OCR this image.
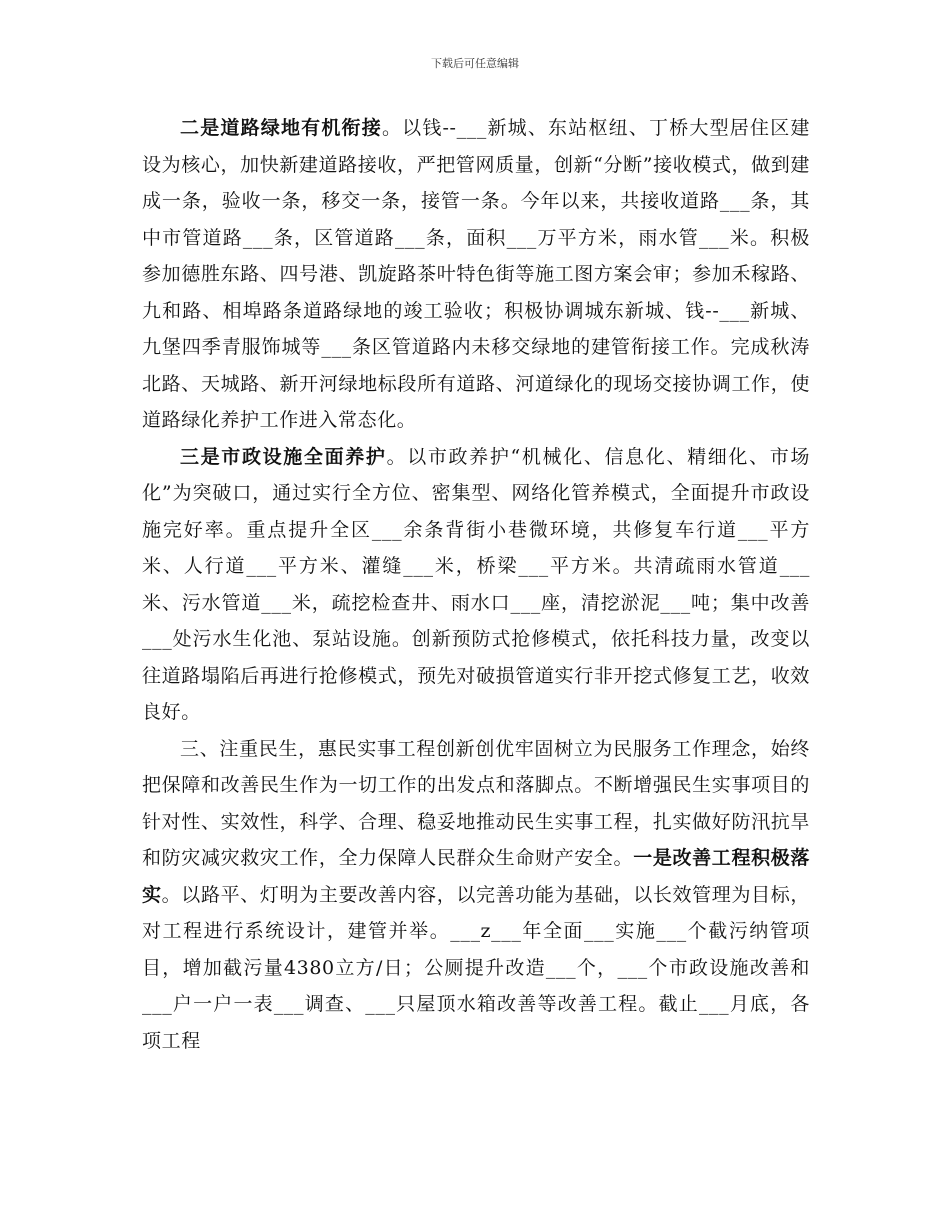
下载后可任意编辑

二是道路绿地有机衔接。以钱--___新城、东站枢纽、丁桥大型居住区建设为核心，加快新建道路接收，严把管网质量，创新“分断”接收模式，做到建成一条，验收一条，移交一条，接管一条。今年以来，共接收道路___条，其中市管道路___条，区管道路___条，面积___万平方米，雨水管___米。积极参加德胜东路、四号港、凯旋路茶叶特色街等施工图方案会审；参加禾稼路、九和路、相埠路条道路绿地的竣工验收；积极协调城东新城、钱--___新城、九堡四季青服饰城等___条区管道路内未移交绿地的建管衔接工作。完成秋涛北路、天城路、新开河绿地标段所有道路、河道绿化的现场交接协调工作，使道路绿化养护工作进入常态化。

三是市政设施全面养护。以市政养护“机械化、信息化、精细化、市场化”为突破口，通过实行全方位、密集型、网络化管养模式，全面提升市政设施完好率。重点提升全区___余条背街小巷微环境，共修复车行道___平方米、人行道___平方米、灌缝___米，桥梁___平方米。共清疏雨水管道___米、污水管道___米，疏挖检查井、雨水口___座，清挖淤泥___吨；集中改善___处污水生化池、泵站设施。创新预防式抢修模式，依托科技力量，改变以往道路塌陷后再进行抢修模式，预先对破损管道实行非开挖式修复工艺，收效良好。

三、注重民生，惠民实事工程创新创优牢固树立为民服务工作理念，始终把保障和改善民生作为一切工作的出发点和落脚点。不断增强民生实事项目的针对性、实效性，科学、合理、稳妥地推动民生实事工程，扎实做好防汛抗旱和防灾减灾救灾工作，全力保障人民群众生命财产安全。一是改善工程积极落实。以路平、灯明为主要改善内容，以完善功能为基础，以长效管理为目标，对工程进行系统设计，建管并举。___z___年全面___实施___个截污纳管项目，增加截污量4380立方/日；公厕提升改造___个，___个市政设施改善和___户一户一表___调查、___只屋顶水箱改善等改善工程。截止___月底，各项工程
